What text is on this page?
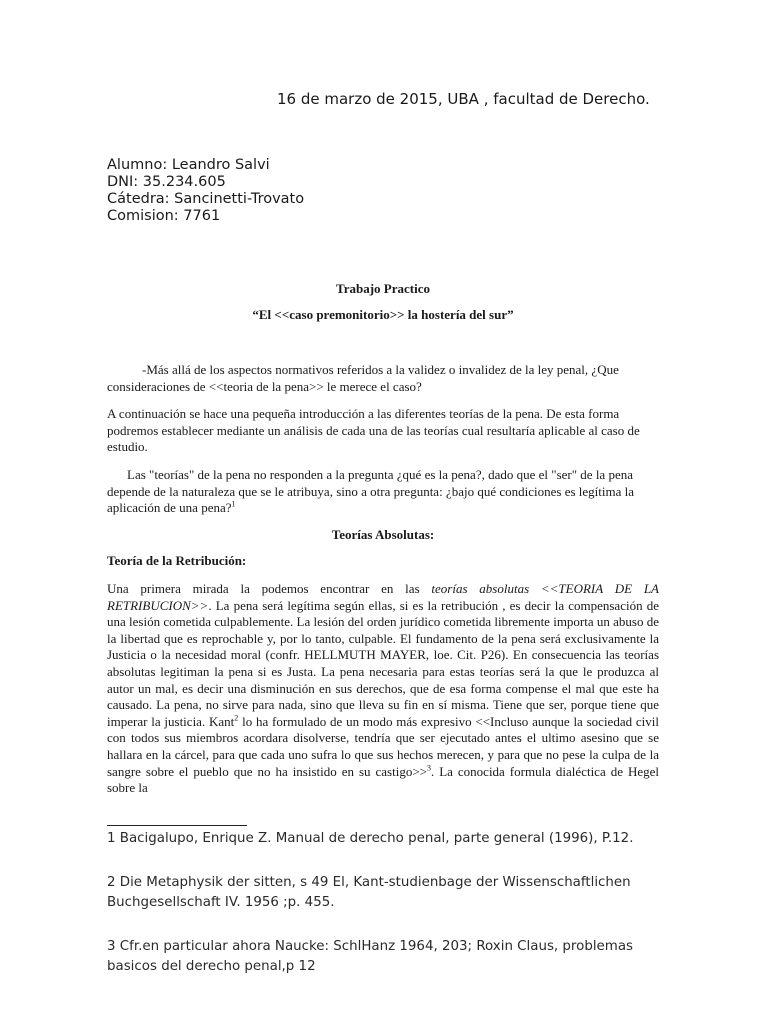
16 de marzo de 2015, UBA , facultad de Derecho.
Alumno: Leandro Salvi
DNI: 35.234.605
Cátedra: Sancinetti-Trovato
Comision: 7761
Trabajo Practico
“El <<caso premonitorio>> la hostería del sur”

-Más allá de los aspectos normativos referidos a la validez o invalidez de la ley penal, ¿Que consideraciones de <<teoria de la pena>> le merece el caso?

A continuación se hace una pequeña introducción a las diferentes teorías de la pena. De esta forma podremos establecer mediante un análisis de cada una de las teorías cual resultaría aplicable al caso de estudio.

Las "teorías" de la pena no responden a la pregunta ¿qué es la pena?, dado que el "ser" de la pena depende de la naturaleza que se le atribuya, sino a otra pregunta: ¿bajo qué condiciones es legítima la aplicación de una pena?$^1$

Teorías Absolutas:
Teoría de la Retribución:

Una primera mirada la podemos encontrar en las teorías absolutas <<TEORIA DE LA RETRIBUCION>>. La pena será legítima según ellas, si es la retribución , es decir la compensación de una lesión cometida culpablemente. La lesión del orden jurídico cometida libremente importa un abuso de la libertad que es reprochable y, por lo tanto, culpable. El fundamento de la pena será exclusivamente la Justicia o la necesidad moral (confr. HELLMUTH MAYER, loe. Cit. P26). En consecuencia las teorías absolutas legitiman la pena si es Justa. La pena necesaria para estas teorías será la que le produzca al autor un mal, es decir una disminución en sus derechos, que de esa forma compense el mal que este ha causado. La pena, no sirve para nada, sino que lleva su fin en sí misma. Tiene que ser, porque tiene que imperar la justicia. Kant$^2$ lo ha formulado de un modo más expresivo <<Incluso aunque la sociedad civil con todos sus miembros acordara disolverse, tendría que ser ejecutado antes el ultimo asesino que se hallara en la cárcel, para que cada uno sufra lo que sus hechos merecen, y para que no pese la culpa de la sangre sobre el pueblo que no ha insistido en su castigo>>$^3$. La conocida formula dialéctica de Hegel sobre la

1 Bacigalupo, Enrique Z. Manual de derecho penal, parte general (1996), P.12.

2 Die Metaphysik der sitten, s 49 El, Kant-studienbage der Wissenschaftlichen Buchgesellschaft IV. 1956 ;p. 455.

3 Cfr.en particular ahora Naucke: SchlHanz 1964, 203; Roxin Claus, problemas basicos del derecho penal,p 12
